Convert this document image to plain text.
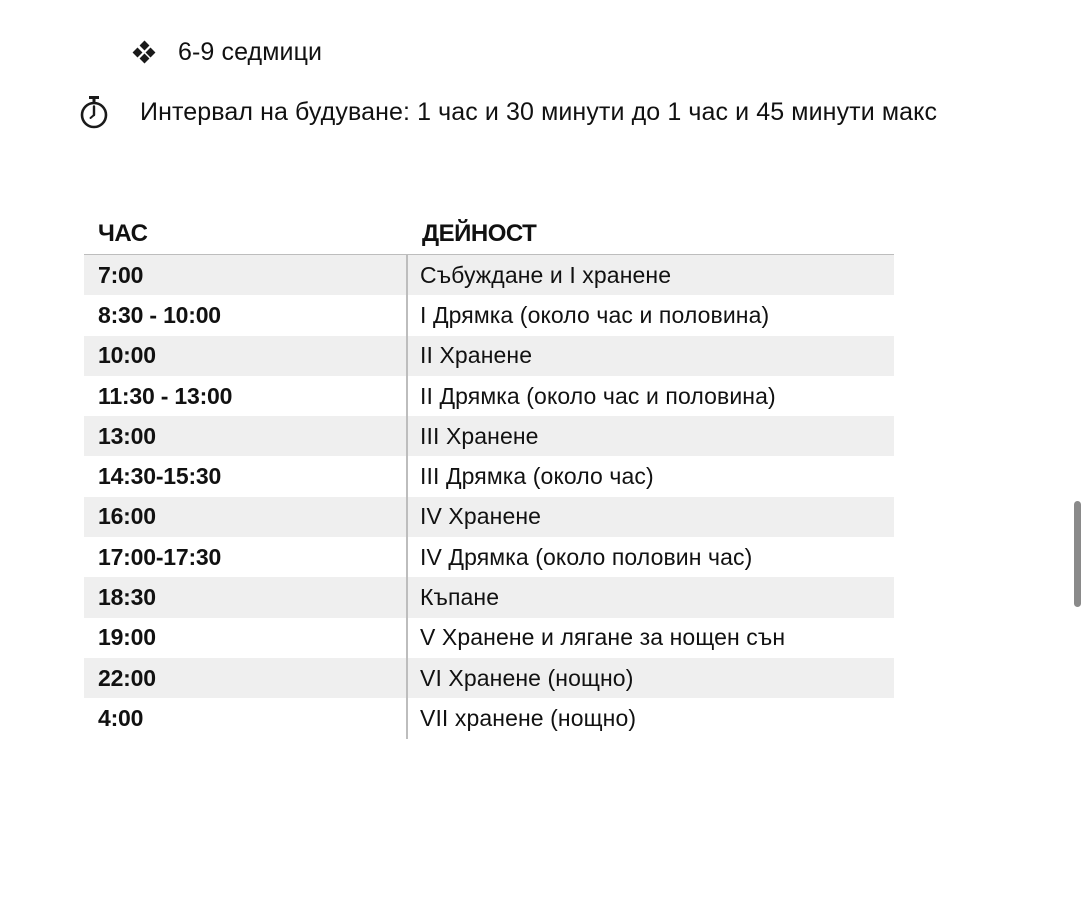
6-9 седмици
Интервал на будуване: 1 час и 30 минути до 1 час и 45 минути макс
ЧАС	ДЕЙНОСТ
7:00	Събуждане и I хранене
8:30 - 10:00	I Дрямка (около час и половина)
10:00	II Хранене
11:30 - 13:00	II Дрямка (около час и половина)
13:00	III Хранене
14:30-15:30	III Дрямка (около час)
16:00	IV Хранене
17:00-17:30	IV Дрямка (около половин час)
18:30	Къпане
19:00	V Хранене и лягане за нощен сън
22:00	VI Хранене (нощно)
4:00	VII хранене (нощно)
